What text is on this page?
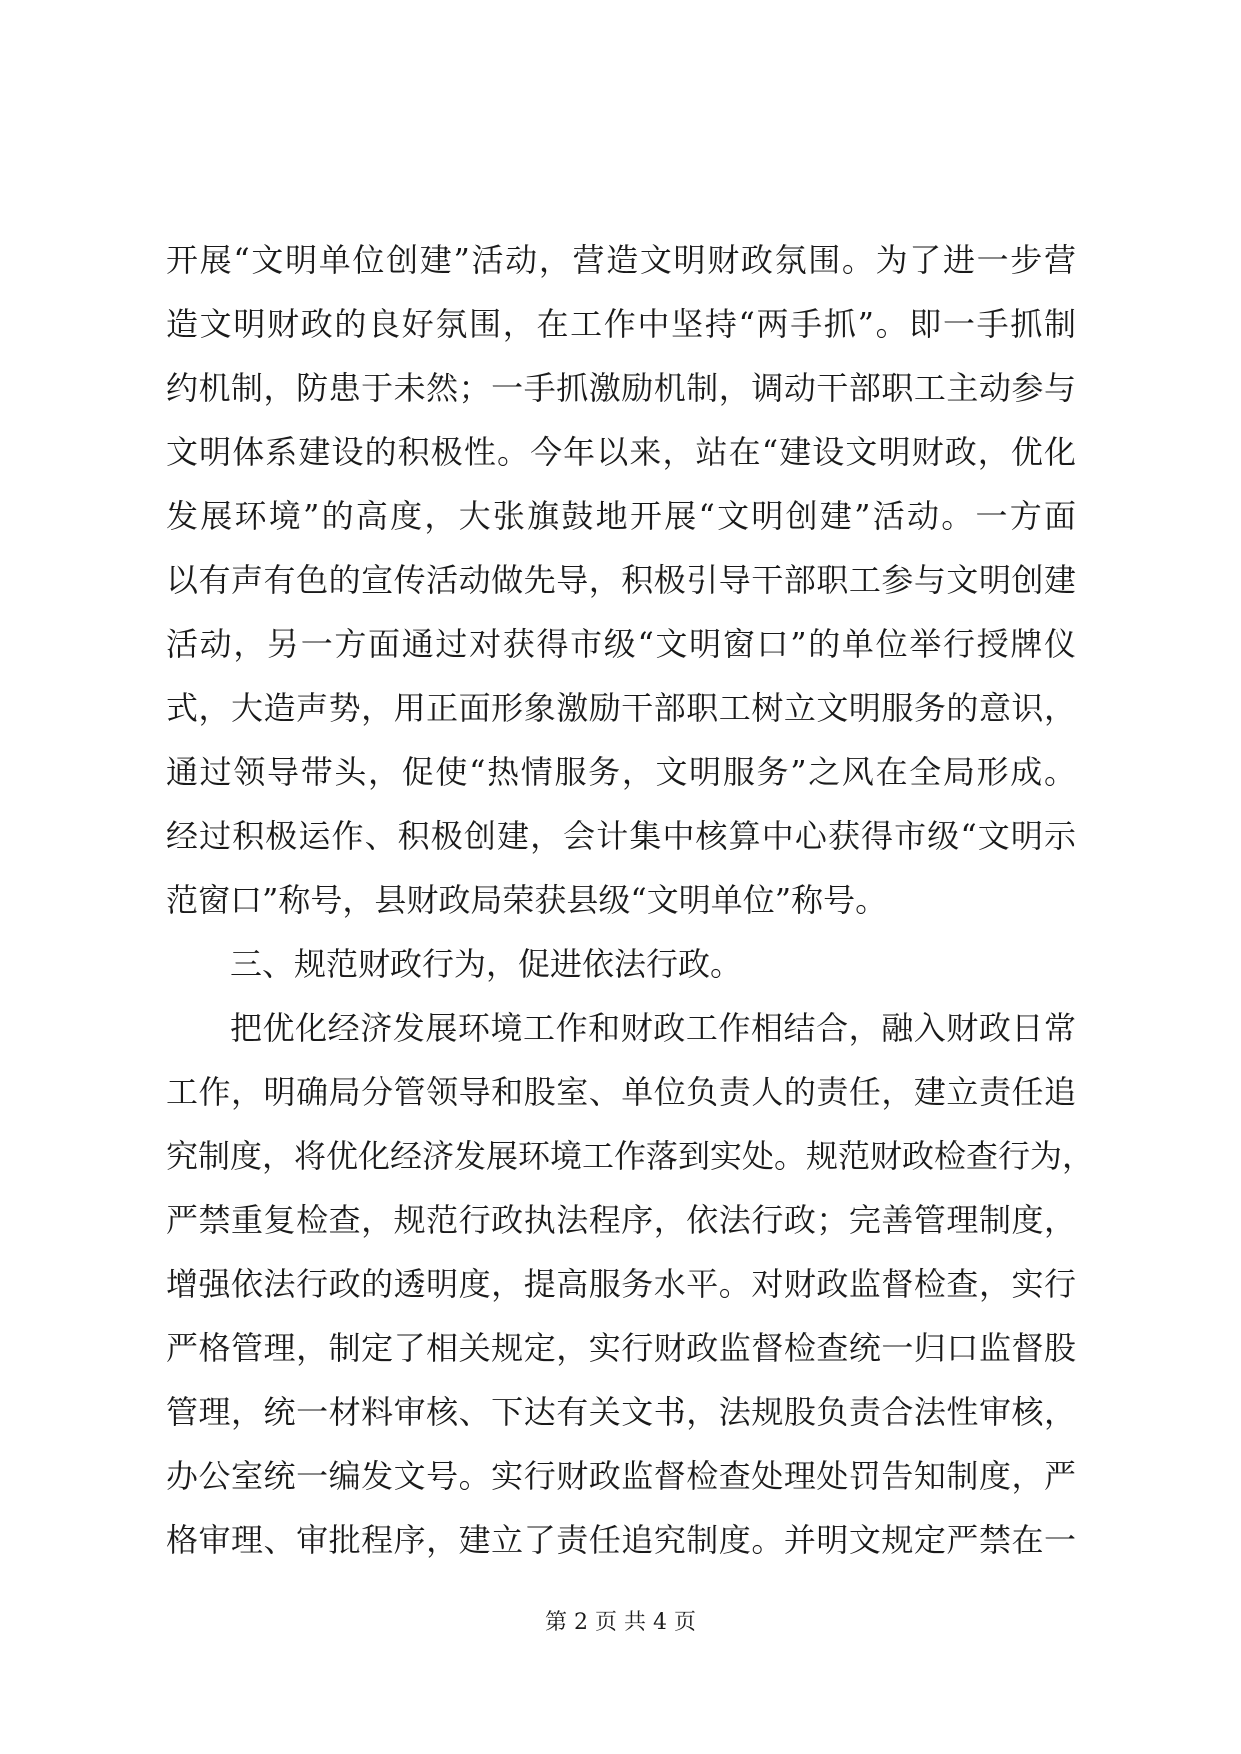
开展“文明单位创建”活动，营造文明财政氛围。为了进一步营
造文明财政的良好氛围，在工作中坚持“两手抓”。即一手抓制
约机制，防患于未然；一手抓激励机制，调动干部职工主动参与
文明体系建设的积极性。今年以来，站在“建设文明财政，优化
发展环境”的高度，大张旗鼓地开展“文明创建”活动。一方面
以有声有色的宣传活动做先导，积极引导干部职工参与文明创建
活动，另一方面通过对获得市级“文明窗口”的单位举行授牌仪
式，大造声势，用正面形象激励干部职工树立文明服务的意识，
通过领导带头，促使“热情服务，文明服务”之风在全局形成。
经过积极运作、积极创建，会计集中核算中心获得市级“文明示
范窗口”称号，县财政局荣获县级“文明单位”称号。
三、规范财政行为，促进依法行政。
把优化经济发展环境工作和财政工作相结合，融入财政日常
工作，明确局分管领导和股室、单位负责人的责任，建立责任追
究制度，将优化经济发展环境工作落到实处。规范财政检查行为，
严禁重复检查，规范行政执法程序，依法行政；完善管理制度，
增强依法行政的透明度，提高服务水平。对财政监督检查，实行
严格管理，制定了相关规定，实行财政监督检查统一归口监督股
管理，统一材料审核、下达有关文书，法规股负责合法性审核，
办公室统一编发文号。实行财政监督检查处理处罚告知制度，严
格审理、审批程序，建立了责任追究制度。并明文规定严禁在一
第 2 页 共 4 页
